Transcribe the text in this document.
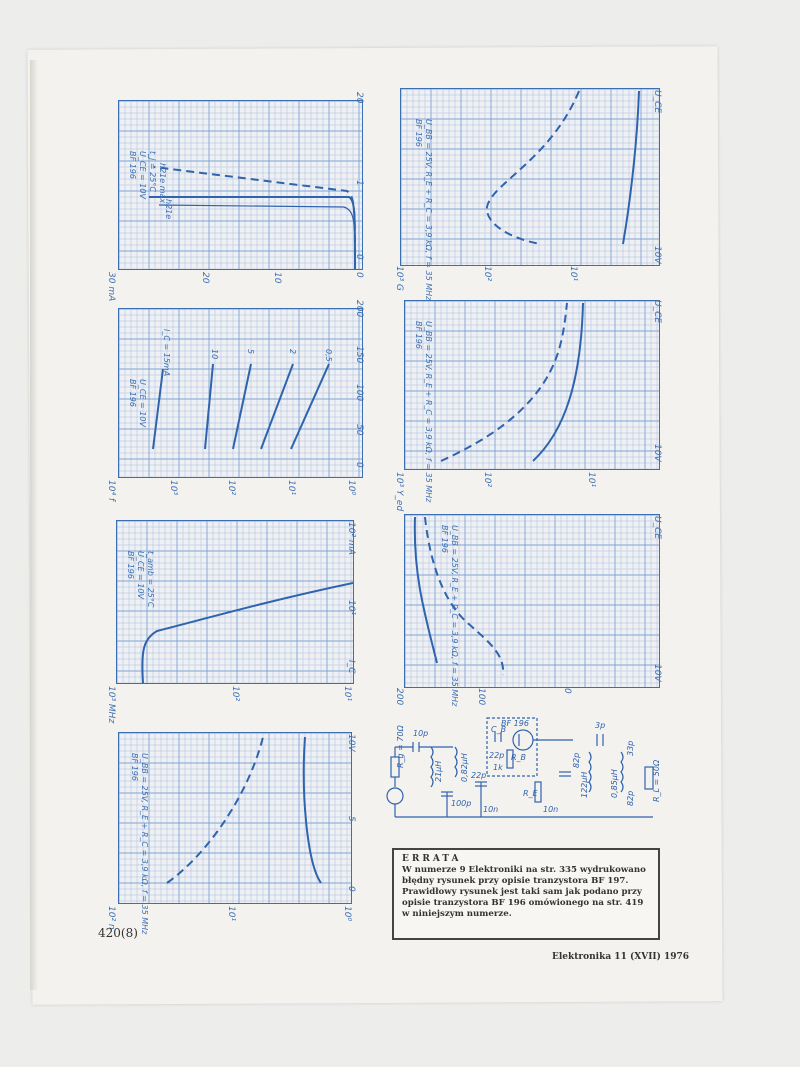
BF 196 U_CE = 10V t_j = 25°C h21e max
h21e
30 mA	20	10	0
20
1
0
BF 196 U_CE = 10V
I_C = 15mA	10	5	2	0,5
10⁴ f	10³	10²	10¹	10⁰
200
150
100
50
0
BF 196 U_CE = 10V t_amb = 25°C
10³ MHz	10²	10¹
10² mA
10¹
I_C
BF 196 U_BB = 25V, R_E + R_C = 3,9 kΩ, f = 35 MHz
10² n	10¹	10⁰
10V
5
0
BF 196 U_BB = 25V, R_E + R_C = 3,9 kΩ, f = 35 MHz
10³ G	10²	10¹
U_CE
10V
BF 196 U_BB = 25V, R_E + R_C = 3,9 kΩ, f = 35 MHz
10³ Y_ed	10²	10¹
U_CE
10V
BF 196 U_BB = 25V, R_E + R_C = 3,9 kΩ, f = 35 MHz
200	100	0
U_CE
10V
10p
R_g = 70Ω
21μH 0,82μH
C_B
22p R_B
1k
BF 196
22p
100p
10n
R_E
10n
82p
122μH	0,85μH
3p
33p
82p R_L = 50Ω
ERRATA
W numerze 9 Elektroniki na str. 335 wydrukowano błędny rysunek przy opisie tranzystora BF 197. Prawidłowy rysunek jest taki sam jak podano przy opisie tranzystora BF 196 omówionego na str. 419 w niniejszym numerze.
420(8)
Elektronika 11 (XVII) 1976
